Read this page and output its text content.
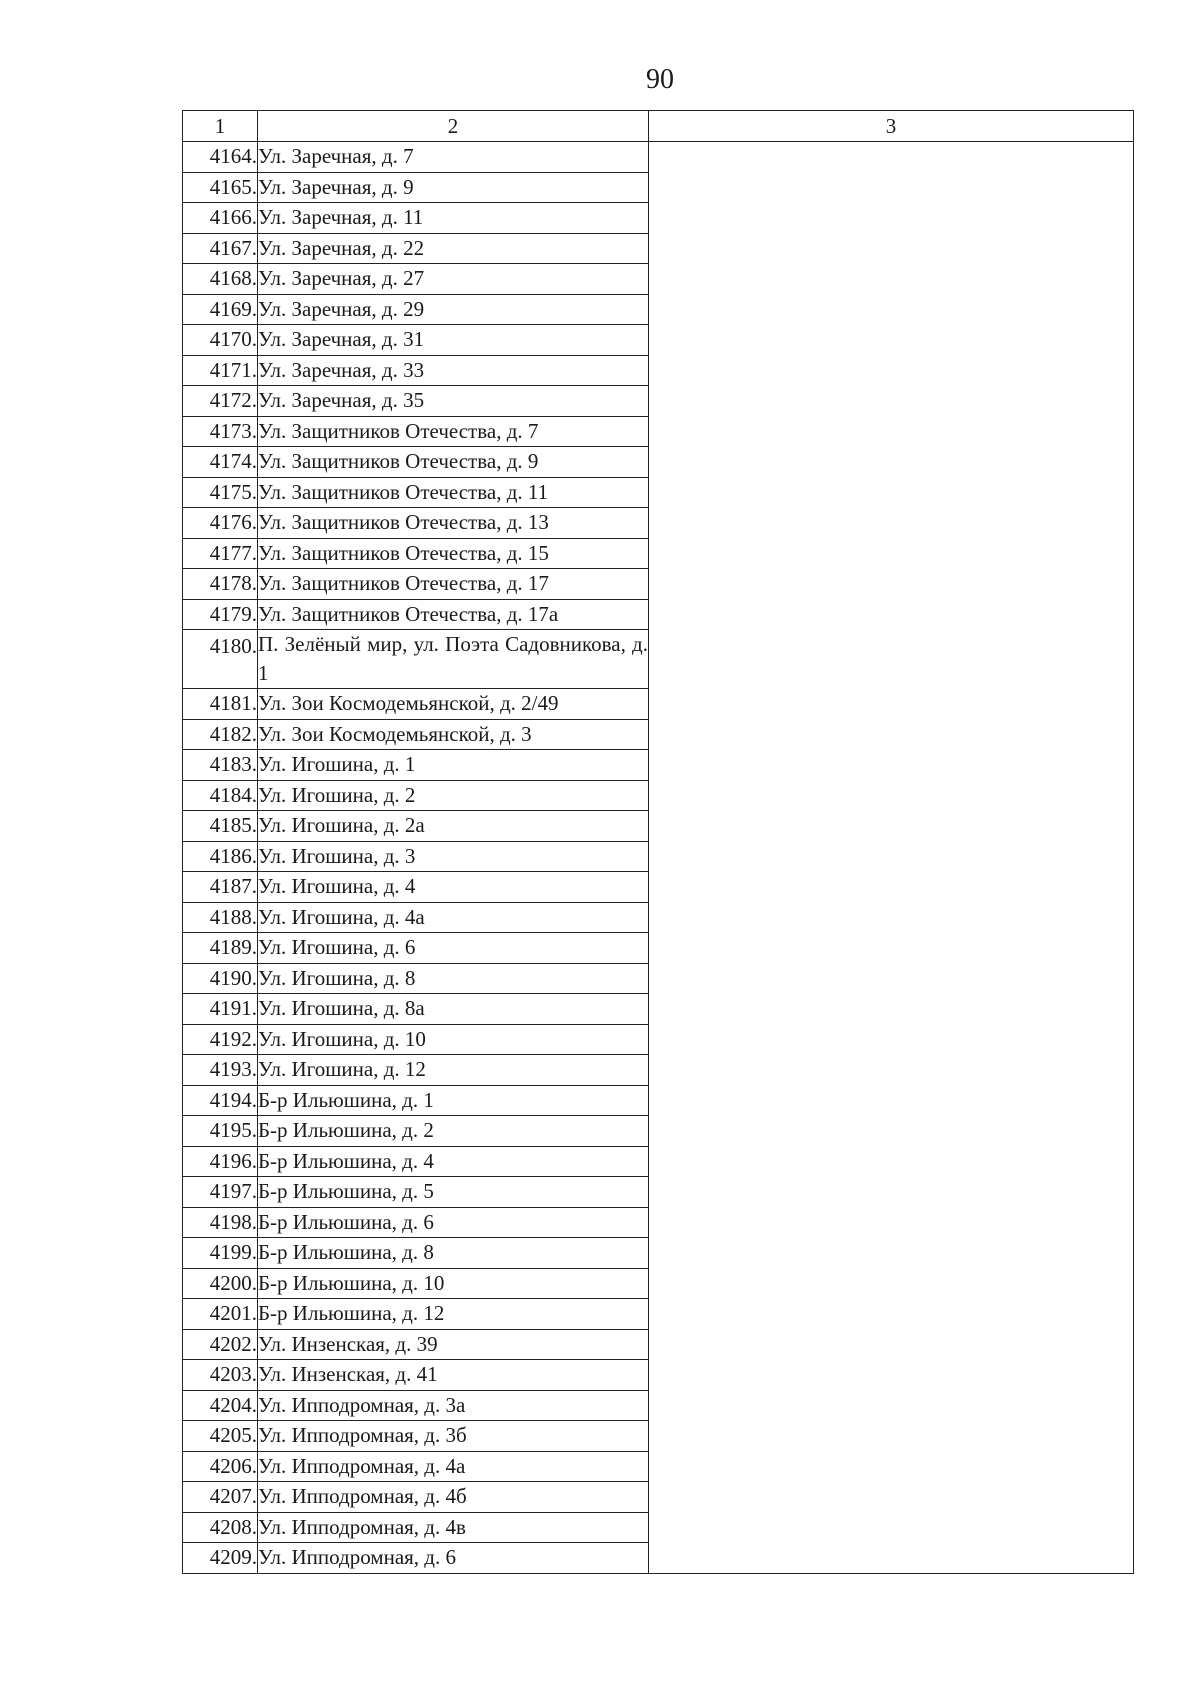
90
1	2	3
4164.	Ул. Заречная, д. 7	
4165.	Ул. Заречная, д. 9	
4166.	Ул. Заречная, д. 11	
4167.	Ул. Заречная, д. 22	
4168.	Ул. Заречная, д. 27	
4169.	Ул. Заречная, д. 29	
4170.	Ул. Заречная, д. 31	
4171.	Ул. Заречная, д. 33	
4172.	Ул. Заречная, д. 35	
4173.	Ул. Защитников Отечества, д. 7	
4174.	Ул. Защитников Отечества, д. 9	
4175.	Ул. Защитников Отечества, д. 11	
4176.	Ул. Защитников Отечества, д. 13	
4177.	Ул. Защитников Отечества, д. 15	
4178.	Ул. Защитников Отечества, д. 17	
4179.	Ул. Защитников Отечества, д. 17а	
4180.	П. Зелёный мир, ул. Поэта Садовникова, д. 1	
4181.	Ул. Зои Космодемьянской, д. 2/49	
4182.	Ул. Зои Космодемьянской, д. 3	
4183.	Ул. Игошина, д. 1	
4184.	Ул. Игошина, д. 2	
4185.	Ул. Игошина, д. 2а	
4186.	Ул. Игошина, д. 3	
4187.	Ул. Игошина, д. 4	
4188.	Ул. Игошина, д. 4а	
4189.	Ул. Игошина, д. 6	
4190.	Ул. Игошина, д. 8	
4191.	Ул. Игошина, д. 8а	
4192.	Ул. Игошина, д. 10	
4193.	Ул. Игошина, д. 12	
4194.	Б-р Ильюшина, д. 1	
4195.	Б-р Ильюшина, д. 2	
4196.	Б-р Ильюшина, д. 4	
4197.	Б-р Ильюшина, д. 5	
4198.	Б-р Ильюшина, д. 6	
4199.	Б-р Ильюшина, д. 8	
4200.	Б-р Ильюшина, д. 10	
4201.	Б-р Ильюшина, д. 12	
4202.	Ул. Инзенская, д. 39	
4203.	Ул. Инзенская, д. 41	
4204.	Ул. Ипподромная, д. 3а	
4205.	Ул. Ипподромная, д. 3б	
4206.	Ул. Ипподромная, д. 4а	
4207.	Ул. Ипподромная, д. 4б	
4208.	Ул. Ипподромная, д. 4в	
4209.	Ул. Ипподромная, д. 6	
